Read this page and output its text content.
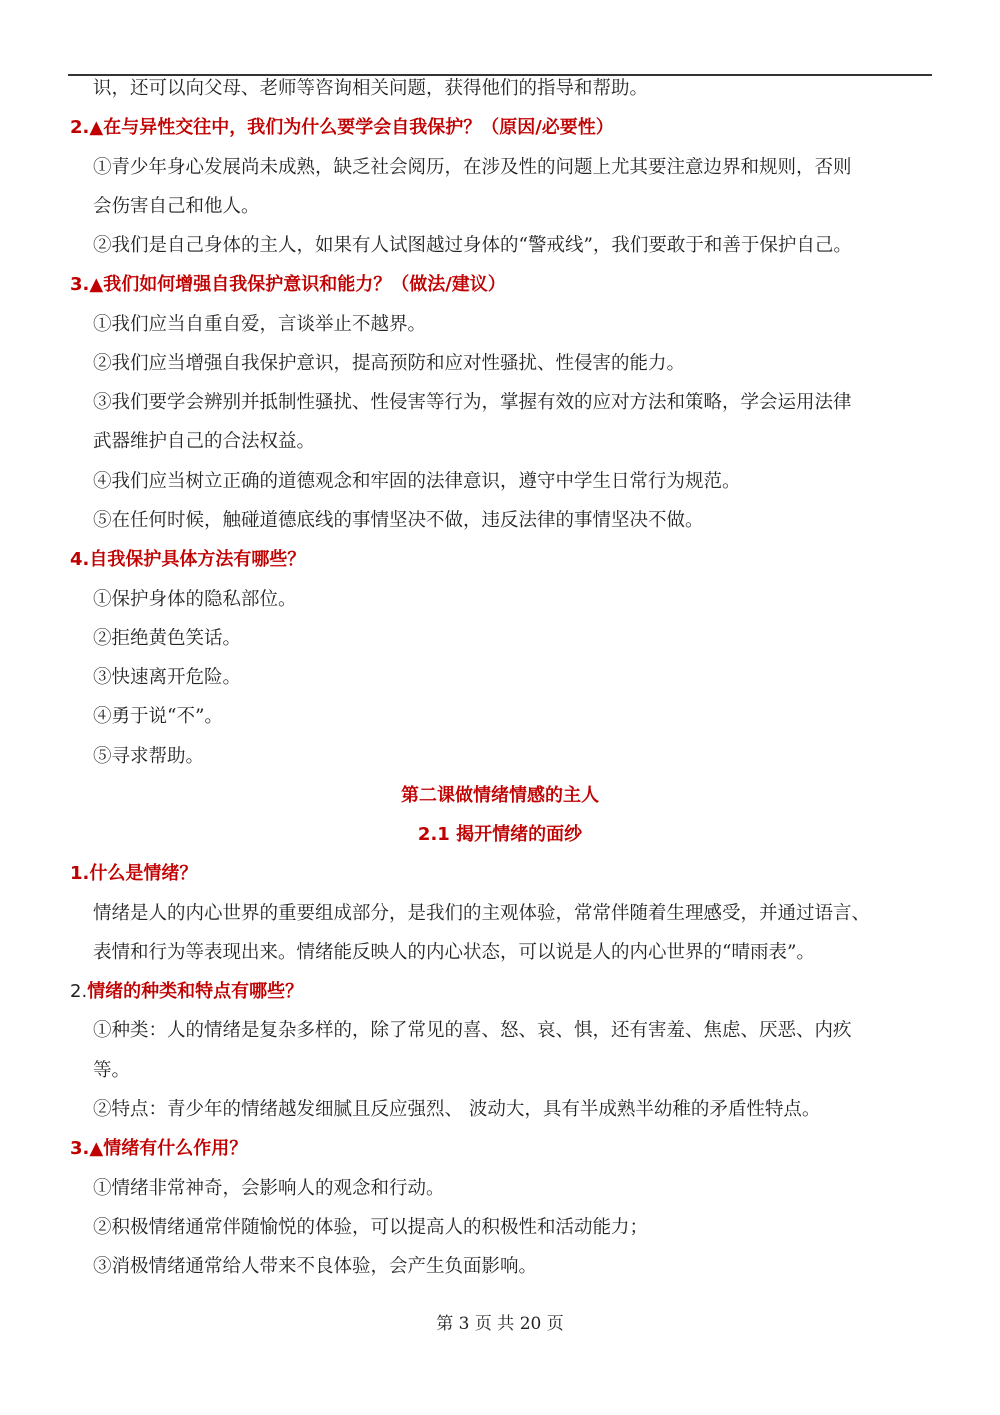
识，还可以向父母、老师等咨询相关问题，获得他们的指导和帮助。
2.▲在与异性交往中，我们为什么要学会自我保护？（原因/必要性）
①青少年身心发展尚未成熟，缺乏社会阅历，在涉及性的问题上尤其要注意边界和规则，否则
会伤害自己和他人。
②我们是自己身体的主人，如果有人试图越过身体的“警戒线”，我们要敢于和善于保护自己。
3.▲我们如何增强自我保护意识和能力？（做法/建议）
①我们应当自重自爱，言谈举止不越界。
②我们应当增强自我保护意识，提高预防和应对性骚扰、性侵害的能力。
③我们要学会辨别并抵制性骚扰、性侵害等行为，掌握有效的应对方法和策略，学会运用法律
武器维护自己的合法权益。
④我们应当树立正确的道德观念和牢固的法律意识，遵守中学生日常行为规范。
⑤在任何时候，触碰道德底线的事情坚决不做，违反法律的事情坚决不做。
4.自我保护具体方法有哪些？
①保护身体的隐私部位。
②拒绝黄色笑话。
③快速离开危险。
④勇于说“不”。
⑤寻求帮助。
第二课做情绪情感的主人
2.1 揭开情绪的面纱
1.什么是情绪？
情绪是人的内心世界的重要组成部分，是我们的主观体验，常常伴随着生理感受，并通过语言、
表情和行为等表现出来。情绪能反映人的内心状态，可以说是人的内心世界的“晴雨表”。
2.情绪的种类和特点有哪些？
①种类：人的情绪是复杂多样的，除了常见的喜、怒、哀、惧，还有害羞、焦虑、厌恶、内疚
等。
②特点：青少年的情绪越发细腻且反应强烈、 波动大，具有半成熟半幼稚的矛盾性特点。
3.▲情绪有什么作用？
①情绪非常神奇，会影响人的观念和行动。
②积极情绪通常伴随愉悦的体验，可以提高人的积极性和活动能力；
③消极情绪通常给人带来不良体验，会产生负面影响。
第 3 页 共 20 页
